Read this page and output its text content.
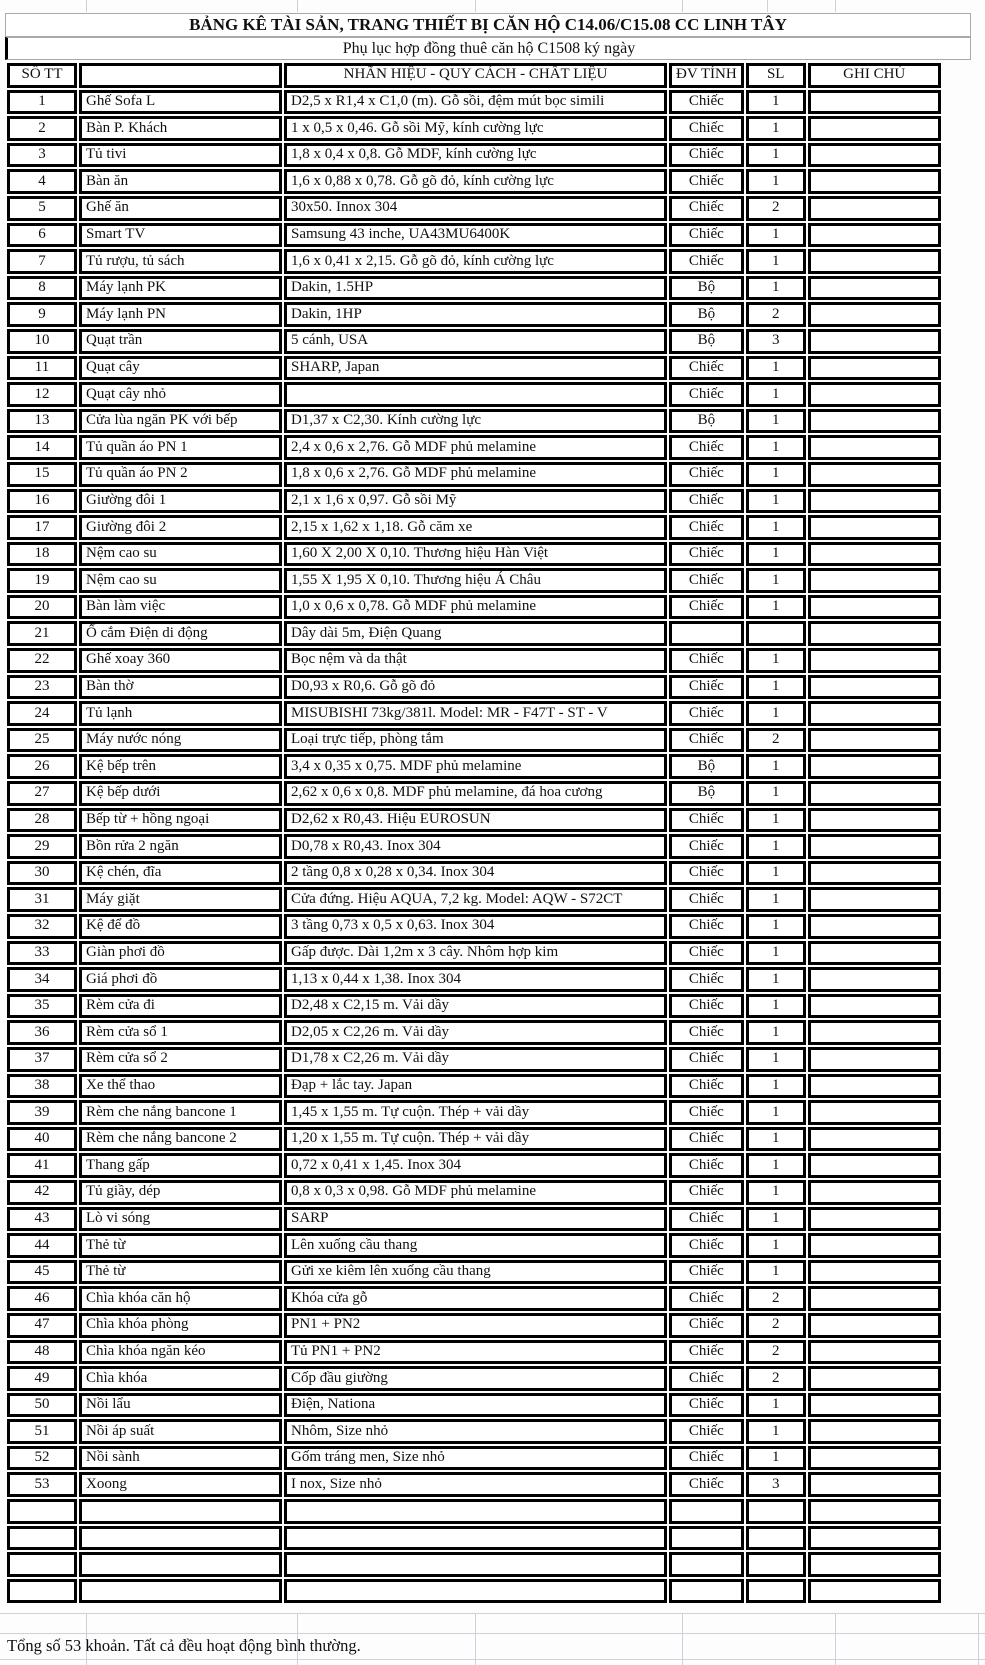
BẢNG KÊ TÀI SẢN, TRANG THIẾT BỊ CĂN HỘ C14.06/C15.08 CC LINH TÂY
Phụ lục hợp đồng thuê căn hộ C1508 ký ngày
SỐ TT		NHÃN HIỆU - QUY CÁCH - CHẤT LIỆU	ĐV TÍNH	SL	GHI CHÚ
1	Ghế Sofa L	D2,5 x R1,4 x C1,0 (m). Gỗ sồi, đệm mút bọc simili	Chiếc	1	
2	Bàn P. Khách	1 x 0,5 x 0,46. Gỗ sồi Mỹ, kính cường lực	Chiếc	1	
3	Tủ tivi	1,8 x 0,4 x 0,8. Gỗ MDF, kính cường lực	Chiếc	1	
4	Bàn ăn	1,6 x 0,88 x 0,78. Gỗ gõ đỏ, kính cường lực	Chiếc	1	
5	Ghế ăn	30x50. Innox 304	Chiếc	2	
6	Smart TV	Samsung 43 inche, UA43MU6400K	Chiếc	1	
7	Tủ rượu, tủ sách	1,6 x 0,41 x 2,15. Gỗ gõ đỏ, kính cường lực	Chiếc	1	
8	Máy lạnh PK	Dakin, 1.5HP	Bộ	1	
9	Máy lạnh PN	Dakin, 1HP	Bộ	2	
10	Quạt trần	5 cánh, USA	Bộ	3	
11	Quạt cây	SHARP, Japan	Chiếc	1	
12	Quạt cây nhỏ		Chiếc	1	
13	Cửa lùa ngăn PK với bếp	D1,37 x C2,30. Kính cường lực	Bộ	1	
14	Tủ quần áo PN 1	2,4 x 0,6 x 2,76. Gỗ MDF phủ melamine	Chiếc	1	
15	Tủ quần áo PN 2	1,8 x 0,6 x 2,76. Gỗ MDF phủ melamine	Chiếc	1	
16	Giường đôi 1	2,1 x 1,6 x 0,97. Gỗ sồi Mỹ	Chiếc	1	
17	Giường đôi 2	2,15 x 1,62 x 1,18. Gỗ căm xe	Chiếc	1	
18	Nệm cao su	1,60 X 2,00 X 0,10. Thương hiệu Hàn Việt	Chiếc	1	
19	Nệm cao su	1,55 X 1,95 X 0,10. Thương hiệu Á Châu	Chiếc	1	
20	Bàn làm việc	1,0 x 0,6 x 0,78. Gỗ MDF phủ melamine	Chiếc	1	
21	Ổ cắm Điện di động	Dây dài 5m, Điện Quang			
22	Ghế xoay 360	Bọc nệm và da thật	Chiếc	1	
23	Bàn thờ	D0,93 x R0,6. Gỗ gõ đỏ	Chiếc	1	
24	Tủ lạnh	MISUBISHI 73kg/381l. Model: MR - F47T - ST - V	Chiếc	1	
25	Máy nước nóng	Loại trực tiếp, phòng tắm	Chiếc	2	
26	Kệ bếp trên	3,4 x 0,35 x 0,75. MDF phủ melamine	Bộ	1	
27	Kệ bếp dưới	2,62 x 0,6 x 0,8. MDF phủ melamine, đá hoa cương	Bộ	1	
28	Bếp từ + hồng ngoại	D2,62 x R0,43. Hiệu EUROSUN	Chiếc	1	
29	Bồn rửa 2 ngăn	D0,78 x R0,43. Inox 304	Chiếc	1	
30	Kệ chén, đĩa	2 tầng 0,8 x 0,28 x 0,34. Inox 304	Chiếc	1	
31	Máy giặt	Cửa đứng. Hiệu AQUA, 7,2 kg. Model: AQW - S72CT	Chiếc	1	
32	Kệ để đồ	3 tầng 0,73 x 0,5 x 0,63. Inox 304	Chiếc	1	
33	Giàn phơi đồ	Gấp được. Dài 1,2m x 3 cây. Nhôm hợp kim	Chiếc	1	
34	Giá phơi đồ	1,13 x 0,44 x 1,38. Inox 304	Chiếc	1	
35	Rèm cửa đi	D2,48 x C2,15 m. Vải dầy	Chiếc	1	
36	Rèm cửa sổ 1	D2,05 x C2,26 m. Vải dầy	Chiếc	1	
37	Rèm cửa sổ 2	D1,78 x C2,26 m. Vải dầy	Chiếc	1	
38	Xe thể thao	Đạp + lắc tay. Japan	Chiếc	1	
39	Rèm che nắng bancone 1	1,45 x 1,55 m. Tự cuộn. Thép + vải dầy	Chiếc	1	
40	Rèm che nắng bancone 2	1,20 x 1,55 m. Tự cuộn. Thép + vải dầy	Chiếc	1	
41	Thang gấp	0,72 x 0,41 x 1,45. Inox 304	Chiếc	1	
42	Tủ giầy, dép	0,8 x 0,3 x 0,98. Gỗ MDF phủ melamine	Chiếc	1	
43	Lò vi sóng	SARP	Chiếc	1	
44	Thẻ từ	Lên xuống cầu thang	Chiếc	1	
45	Thẻ từ	Gửi xe kiêm lên xuống cầu thang	Chiếc	1	
46	Chìa khóa căn hộ	Khóa cửa gỗ	Chiếc	2	
47	Chìa khóa phòng	PN1 + PN2	Chiếc	2	
48	Chìa khóa ngăn kéo	Tủ PN1 + PN2	Chiếc	2	
49	Chìa khóa	Cốp đầu giường	Chiếc	2	
50	Nồi lẩu	Điện, Nationa	Chiếc	1	
51	Nồi áp suất	Nhôm, Size nhỏ	Chiếc	1	
52	Nồi sành	Gốm tráng men, Size nhỏ	Chiếc	1	
53	Xoong	I nox, Size nhỏ	Chiếc	3	

Tổng số 53 khoản. Tất cả đều hoạt động bình thường.
